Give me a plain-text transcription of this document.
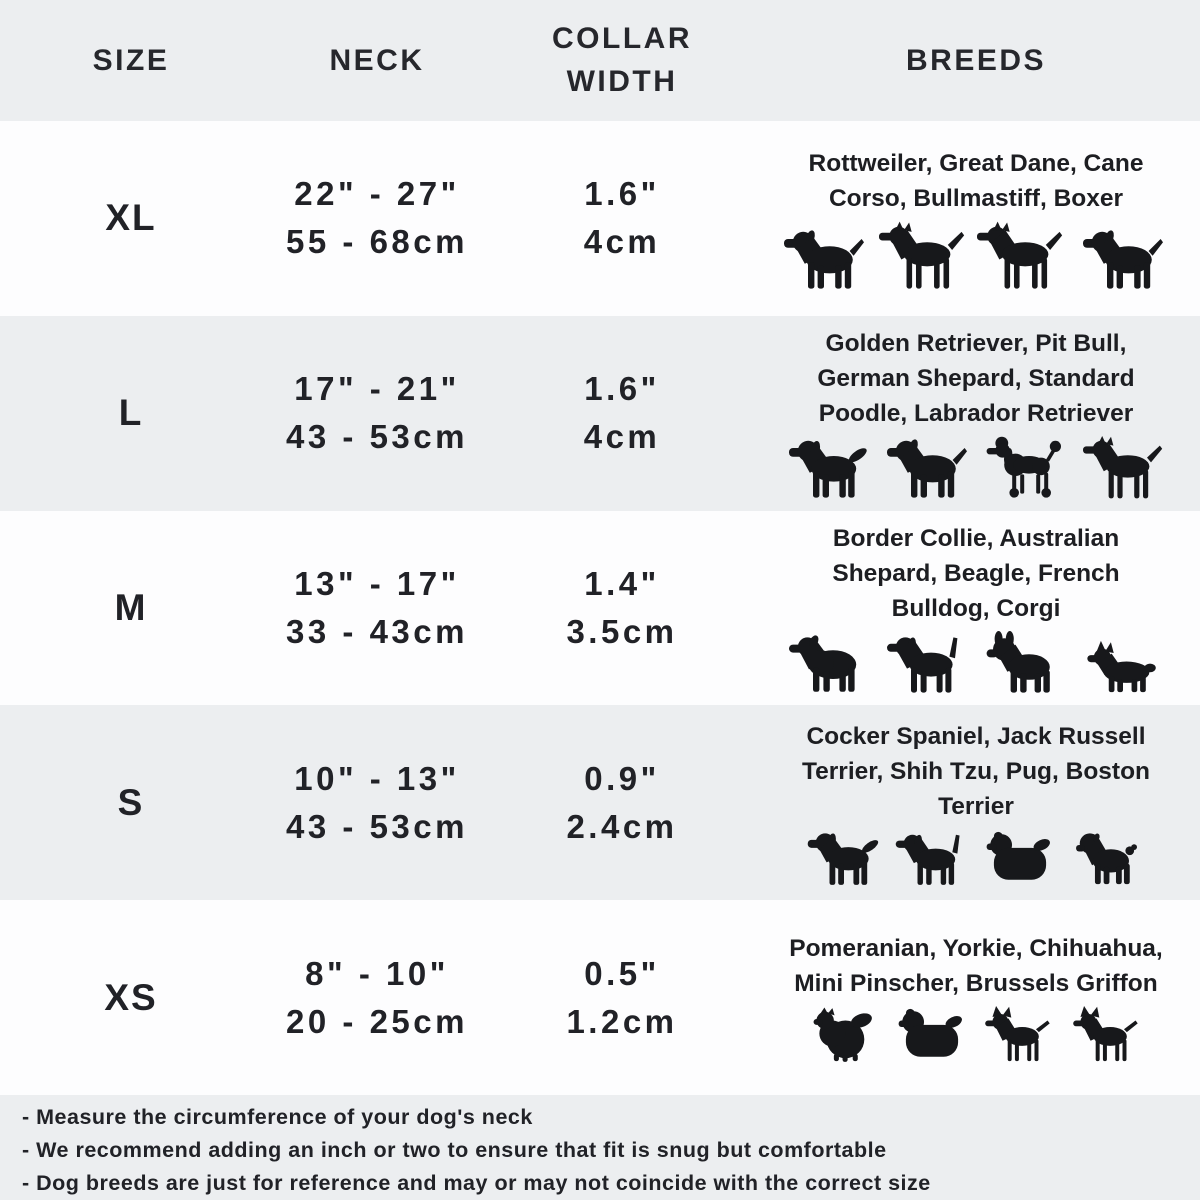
SIZE	NECK
COLLAR WIDTH
BREEDS
XL
22" - 27"
55 - 68cm
1.6"
4cm
Rottweiler, Great Dane, Cane Corso, Bullmastiff, Boxer
L
17" - 21"
43 - 53cm
1.6"
4cm
Golden Retriever, Pit Bull, German Shepard, Standard Poodle, Labrador Retriever
M
13" - 17"
33 - 43cm
1.4"
3.5cm
Border Collie, Australian Shepard, Beagle, French Bulldog, Corgi
S
10" - 13"
43 - 53cm
0.9"
2.4cm
Cocker Spaniel, Jack Russell Terrier, Shih Tzu, Pug, Boston Terrier
XS
8" - 10"
20 - 25cm
0.5"
1.2cm
Pomeranian, Yorkie, Chihuahua, Mini Pinscher, Brussels Griffon
- Measure the circumference of your dog's neck
- We recommend adding an inch or two to ensure that fit is snug but comfortable
- Dog breeds are just for reference and may or may not coincide with the correct size
